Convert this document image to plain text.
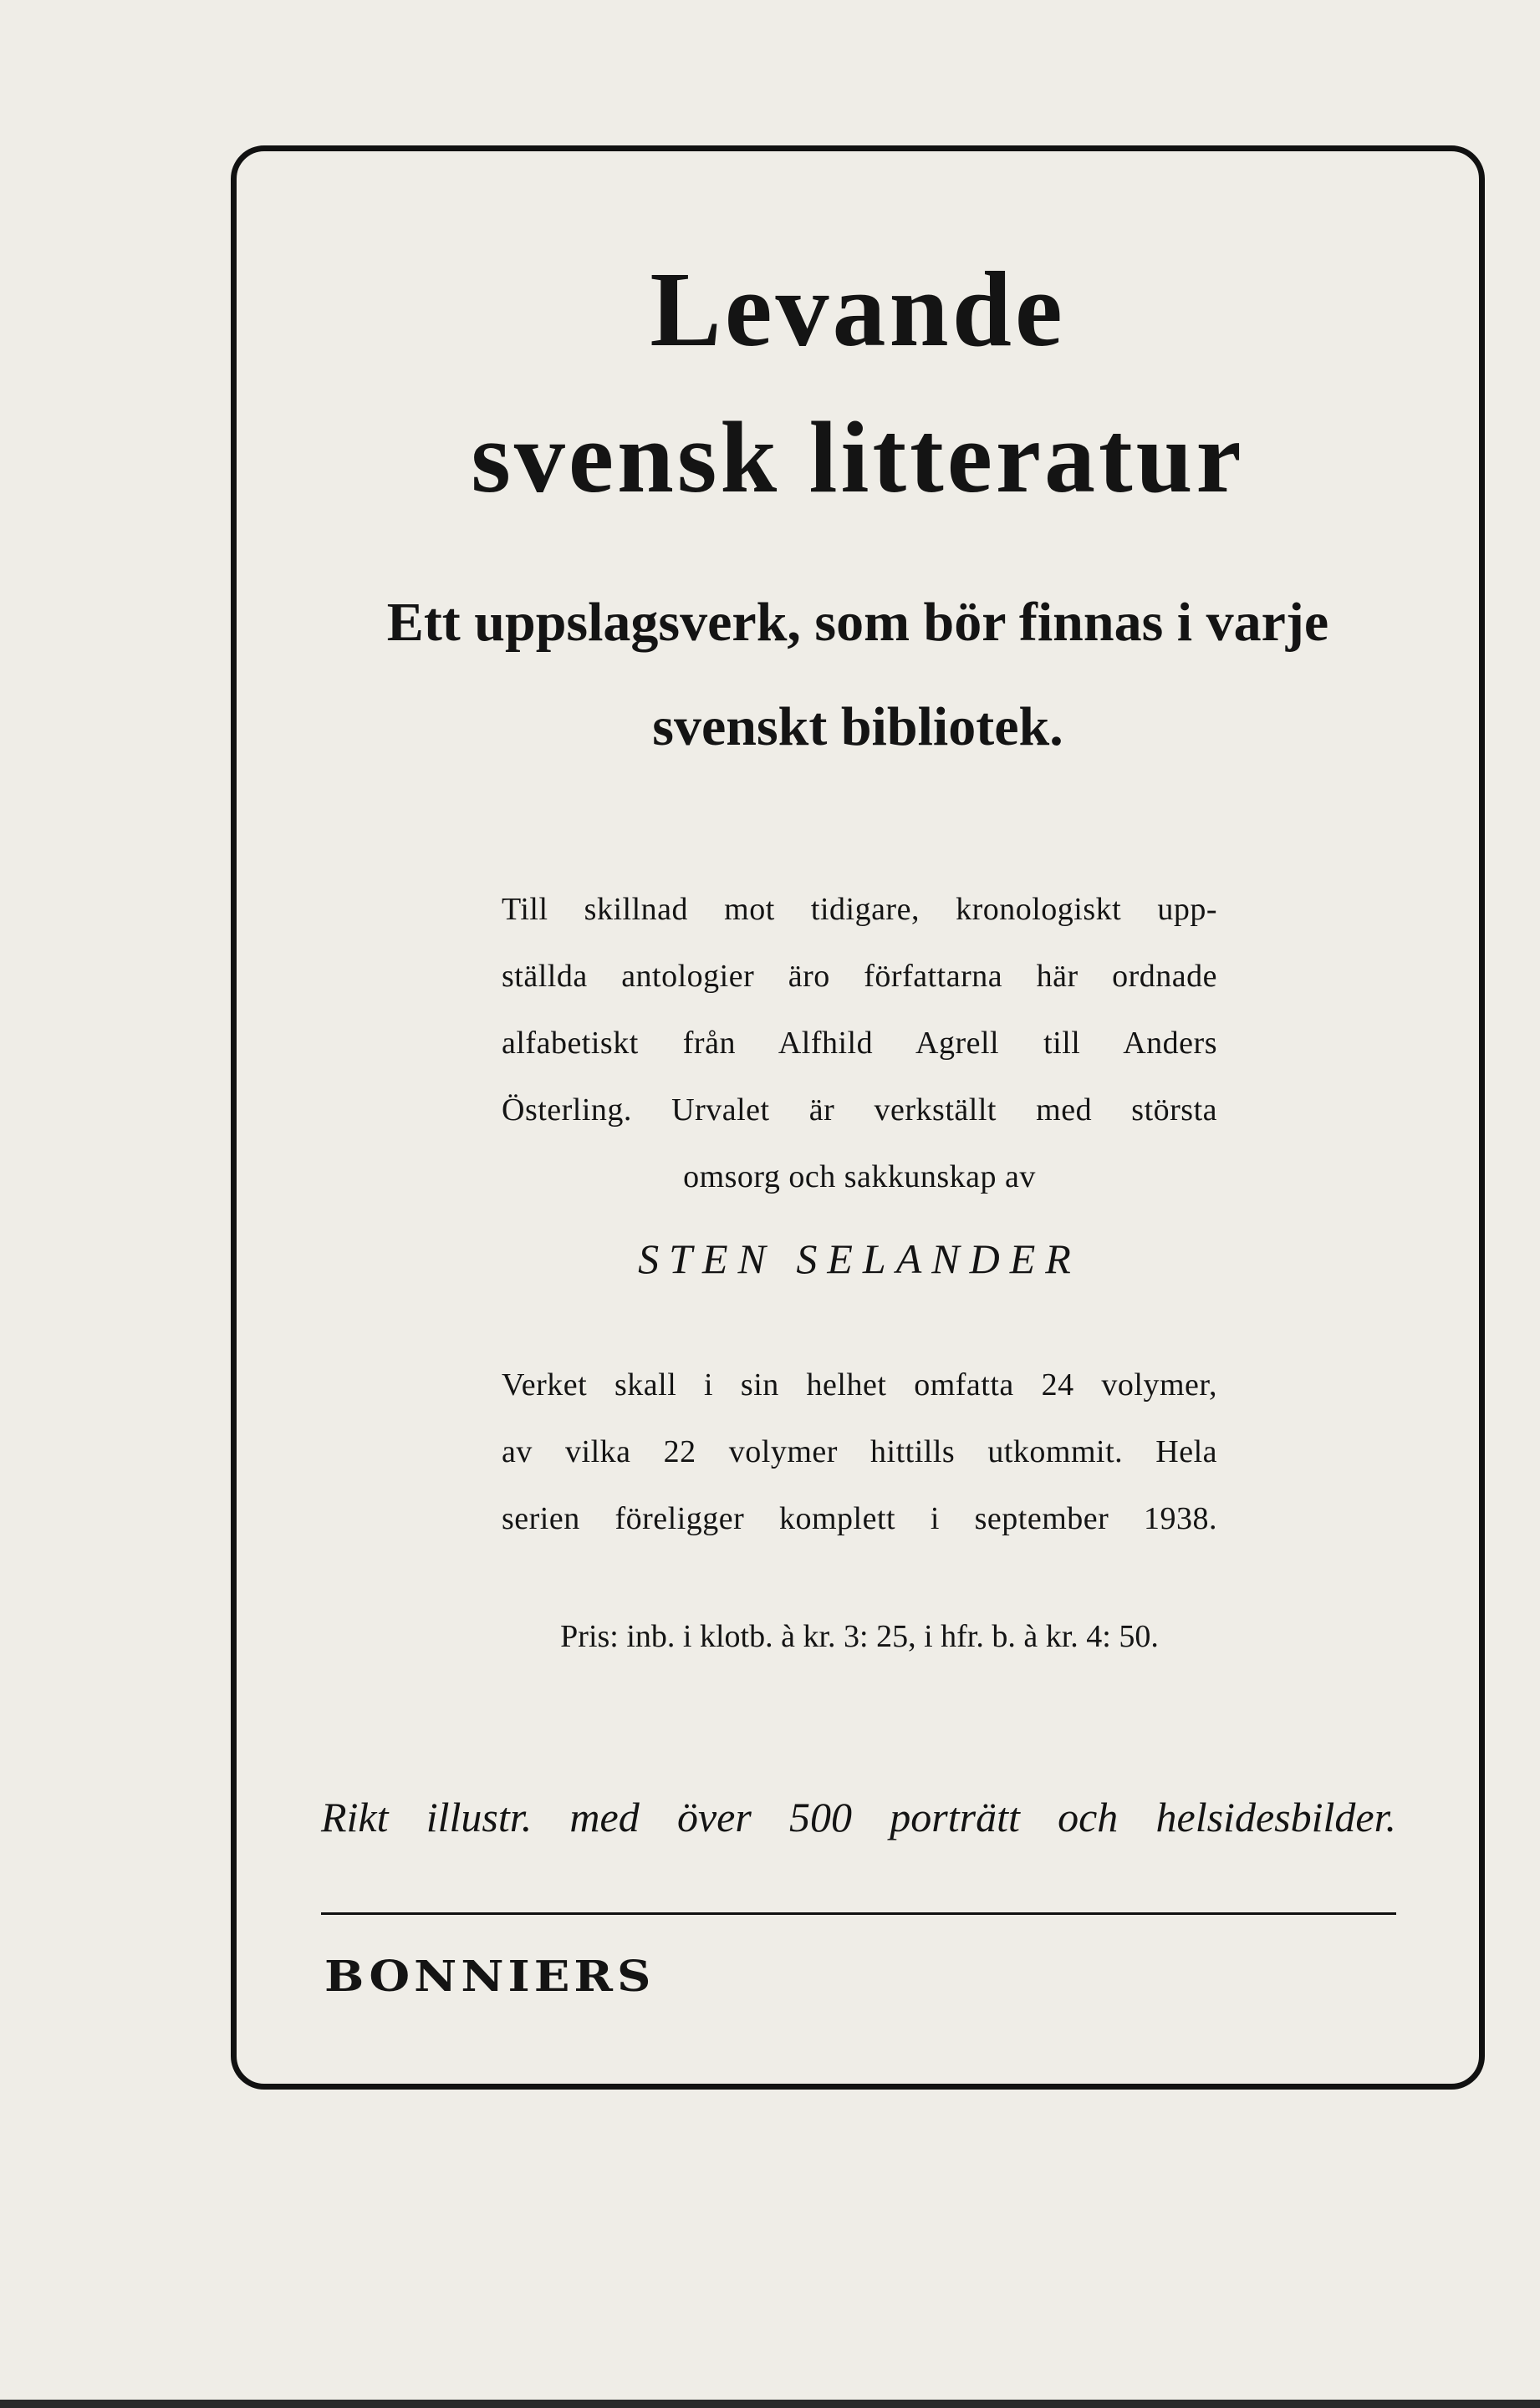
Levande
svensk litteratur
Ett uppslagsverk, som bör finnas i varje
svenskt bibliotek.
Till skillnad mot tidigare, kronologiskt upp-
ställda antologier äro författarna här ordnade
alfabetiskt från Alfhild Agrell till Anders
Österling. Urvalet är verkställt med största
omsorg och sakkunskap av
STEN SELANDER
Verket skall i sin helhet omfatta 24 volymer,
av vilka 22 volymer hittills utkommit. Hela
serien föreligger komplett i september 1938.
Pris: inb. i klotb. à kr. 3: 25, i hfr. b. à kr. 4: 50.
Rikt illustr. med över 500 porträtt och helsidesbilder.
BONNIERS
